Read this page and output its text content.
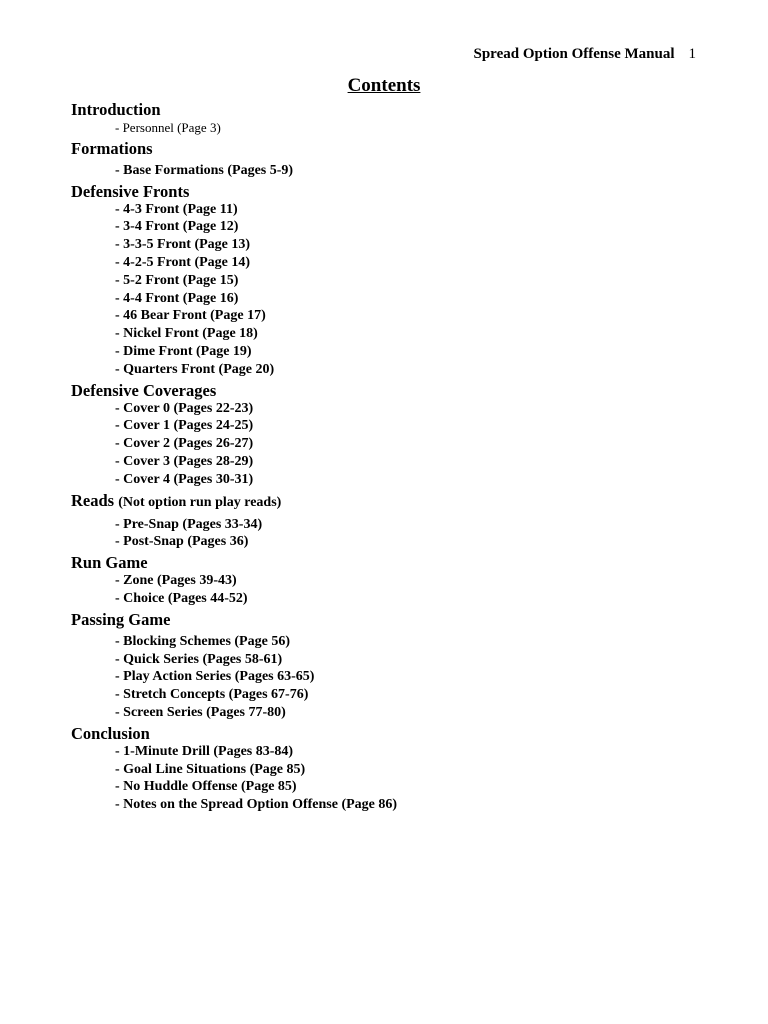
Spread Option Offense Manual 1
Contents
Introduction
- Personnel (Page 3)
Formations
- Base Formations (Pages 5-9)
Defensive Fronts
- 4-3 Front (Page 11)
- 3-4 Front (Page 12)
- 3-3-5 Front (Page 13)
- 4-2-5 Front (Page 14)
- 5-2 Front (Page 15)
- 4-4 Front (Page 16)
- 46 Bear Front (Page 17)
- Nickel Front (Page 18)
- Dime Front (Page 19)
- Quarters Front (Page 20)
Defensive Coverages
- Cover 0 (Pages 22-23)
- Cover 1 (Pages 24-25)
- Cover 2 (Pages 26-27)
- Cover 3 (Pages 28-29)
- Cover 4 (Pages 30-31)
Reads (Not option run play reads)
- Pre-Snap (Pages 33-34)
- Post-Snap (Pages 36)
Run Game
- Zone (Pages 39-43)
- Choice (Pages 44-52)
Passing Game
- Blocking Schemes (Page 56)
- Quick Series (Pages 58-61)
- Play Action Series (Pages 63-65)
- Stretch Concepts (Pages 67-76)
- Screen Series (Pages 77-80)
Conclusion
- 1-Minute Drill (Pages 83-84)
- Goal Line Situations (Page 85)
- No Huddle Offense (Page 85)
- Notes on the Spread Option Offense (Page 86)
